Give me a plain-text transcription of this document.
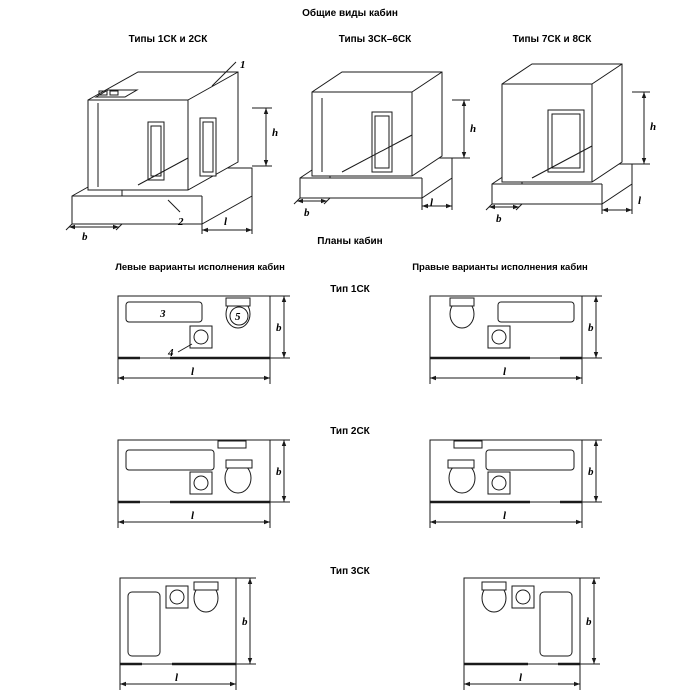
Общие виды кабин
Планы кабин
Типы 1СК и 2СК	Типы 3СК–6СК	Типы 7СК и 8СК
Левые варианты исполнения кабин	Правые варианты исполнения кабин
Тип 1СК
Тип 2СК
Тип 3СК
h
l
b
1
2
h
l
b
h
l
b
b
l
b
l
3
4
5
b
l
b
l
b
l
b
l
